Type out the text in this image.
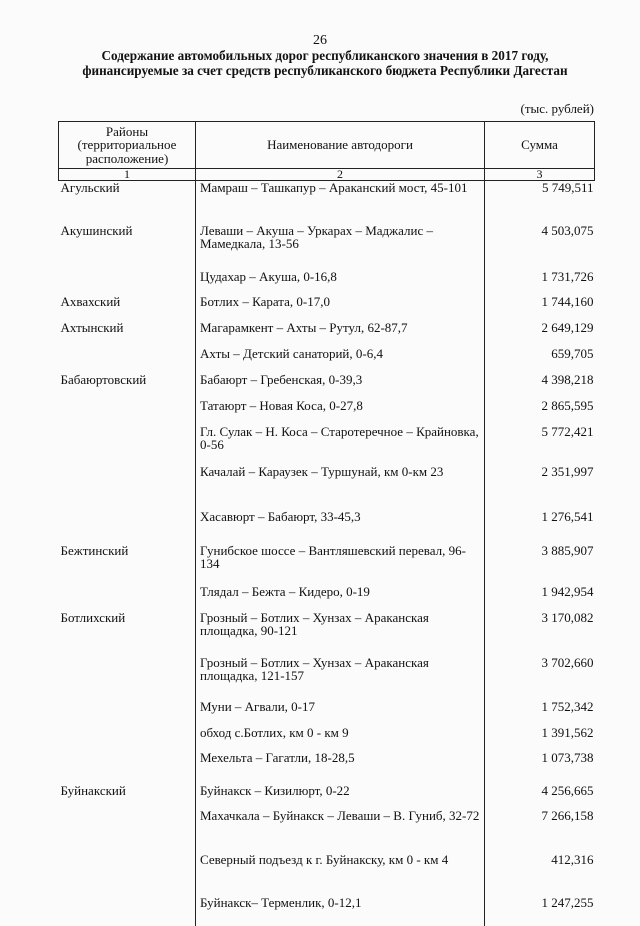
26
Содержание автомобильных дорог республиканского значения в 2017 году, финансируемые за счет средств республиканского бюджета Республики Дагестан
(тыс. рублей)
Районы (территориальное расположение)	Наименование автодороги	Сумма
1	2	3
Агульский	Мамраш – Ташкапур – Араканский мост, 45-101	5 749,511
Акушинский	Леваши – Акуша – Уркарах – Маджалис – Мамедкала, 13-56	4 503,075
	Цудахар – Акуша, 0-16,8	1 731,726
Ахвахский	Ботлих – Карата, 0-17,0	1 744,160
Ахтынский	Магарамкент – Ахты – Рутул, 62-87,7	2 649,129
	Ахты – Детский санаторий, 0-6,4	659,705
Бабаюртовский	Бабаюрт – Гребенская, 0-39,3	4 398,218
	Татаюрт – Новая Коса, 0-27,8	2 865,595
	Гл. Сулак – Н. Коса – Старотеречное – Крайновка, 0-56	5 772,421
	Качалай – Караузек – Туршунай, км 0-км 23	2 351,997
	Хасавюрт – Бабаюрт, 33-45,3	1 276,541
Бежтинский	Гунибское шоссе – Вантляшевский перевал, 96-134	3 885,907
	Тлядал – Бежта – Кидеро, 0-19	1 942,954
Ботлихский	Грозный – Ботлих – Хунзах – Араканская площадка, 90-121	3 170,082
	Грозный – Ботлих – Хунзах – Араканская площадка, 121-157	3 702,660
	Муни – Агвали, 0-17	1 752,342
	обход с.Ботлих, км 0 - км 9	1 391,562
	Мехельта – Гагатли, 18-28,5	1 073,738
Буйнакский	Буйнакск – Кизилюрт, 0-22	4 256,665
	Махачкала – Буйнакск – Леваши – В. Гуниб, 32-72	7 266,158
	Северный подъезд к г. Буйнакску, км 0 - км 4	412,316
	Буйнакск– Терменлик, 0-12,1	1 247,255
